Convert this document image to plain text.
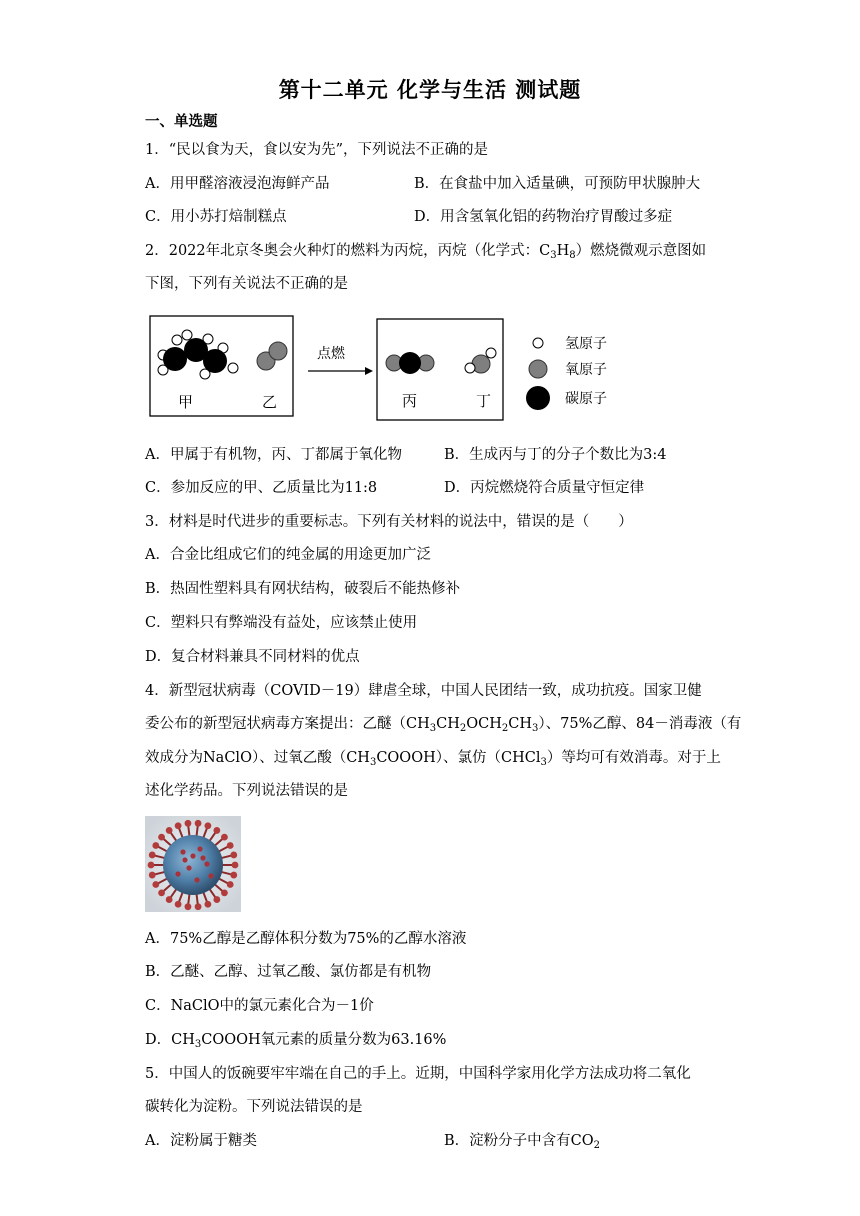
第十二单元 化学与生活 测试题
一、单选题
1．“民以食为天，食以安为先”，下列说法不正确的是
A．用甲醛溶液浸泡海鲜产品	B．在食盐中加入适量碘，可预防甲状腺肿大
C．用小苏打焙制糕点	D．用含氢氧化铝的药物治疗胃酸过多症
2．2022年北京冬奥会火种灯的燃料为丙烷，丙烷（化学式：$C_3H_8$）燃烧微观示意图如
下图，下列有关说法不正确的是
甲	乙
点燃
丙	丁
氢原子
氧原子
碳原子
A．甲属于有机物，丙、丁都属于氧化物	B．生成丙与丁的分子个数比为3:4
C．参加反应的甲、乙质量比为11:8	D．丙烷燃烧符合质量守恒定律
3．材料是时代进步的重要标志。下列有关材料的说法中，错误的是（　　）
A．合金比组成它们的纯金属的用途更加广泛
B．热固性塑料具有网状结构，破裂后不能热修补
C．塑料只有弊端没有益处，应该禁止使用
D．复合材料兼具不同材料的优点
4．新型冠状病毒（COVID－19）肆虐全球，中国人民团结一致，成功抗疫。国家卫健
委公布的新型冠状病毒方案提出：乙醚$(CH_3CH_2OCH_2CH_3)$、75%乙醇、84－消毒液（有
效成分为NaClO）、过氧乙酸$(CH_3COOOH)$、氯仿（CHCl$_3$）等均可有效消毒。对于上
述化学药品。下列说法错误的是
A．75%乙醇是乙醇体积分数为75%的乙醇水溶液
B．乙醚、乙醇、过氧乙酸、氯仿都是有机物
C．NaClO中的氯元素化合为－1价
D．$CH_3COOOH$氧元素的质量分数为63.16%
5．中国人的饭碗要牢牢端在自己的手上。近期，中国科学家用化学方法成功将二氧化
碳转化为淀粉。下列说法错误的是
A．淀粉属于糖类	B．淀粉分子中含有$CO_2$
